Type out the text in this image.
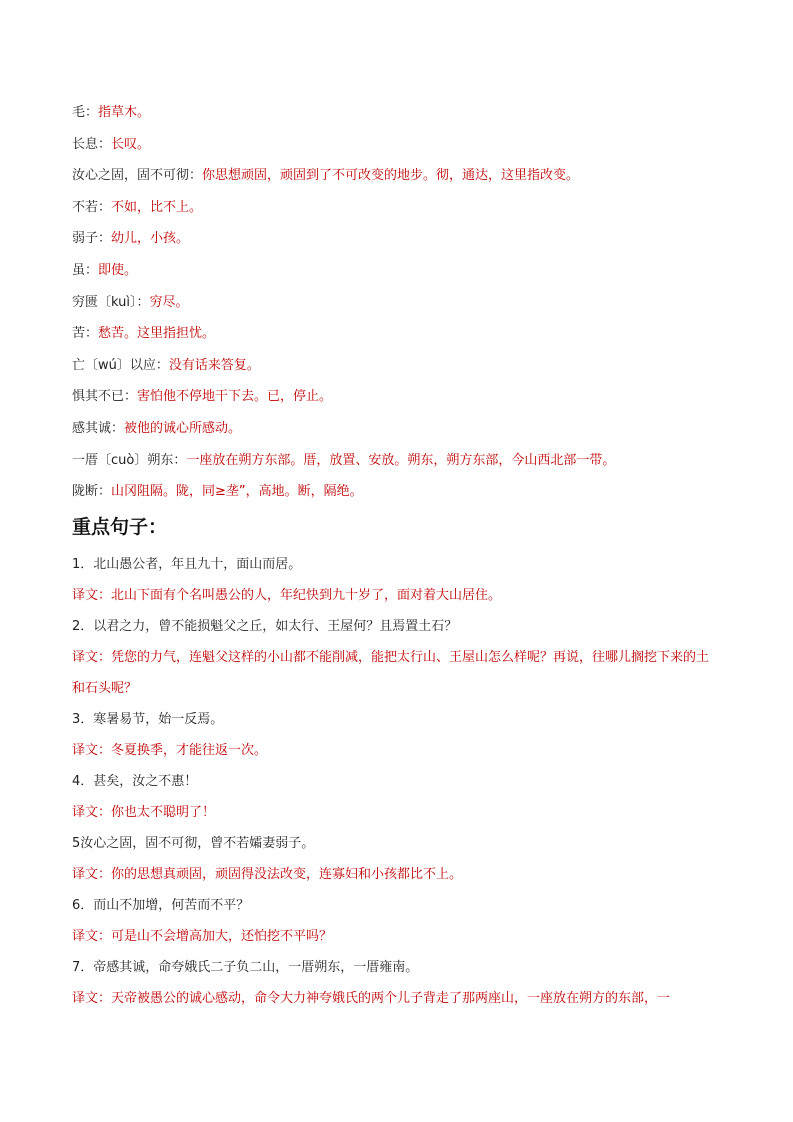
毛：指草木。
长息：长叹。
汝心之固，固不可彻：你思想顽固，顽固到了不可改变的地步。彻，通达，这里指改变。
不若：不如，比不上。
弱子：幼儿，小孩。
虽：即使。
穷匮〔kuì〕：穷尽。
苦：愁苦。这里指担忧。
亡〔wú〕以应：没有话来答复。
惧其不已：害怕他不停地干下去。已，停止。
感其诚：被他的诚心所感动。
一厝〔cuò〕朔东：一座放在朔方东部。厝，放置、安放。朔东，朔方东部，今山西北部一带。
陇断：山冈阻隔。陇，同≥垄”，高地。断，隔绝。
重点句子：

1．北山愚公者，年且九十，面山而居。

译文：北山下面有个名叫愚公的人，年纪快到九十岁了，面对着大山居住。

2．以君之力，曾不能损魁父之丘，如太行、王屋何？且焉置土石？

译文：凭您的力气，连魁父这样的小山都不能削减，能把太行山、王屋山怎么样呢？再说，往哪儿搁挖下来的土和石头呢？

3．寒暑易节，始一反焉。

译文：冬夏换季，才能往返一次。

4．甚矣，汝之不惠！

译文：你也太不聪明了！

5汝心之固，固不可彻，曾不若孀妻弱子。

译文：你的思想真顽固，顽固得没法改变，连寡妇和小孩都比不上。

6．而山不加增，何苦而不平？

译文：可是山不会增高加大，还怕挖不平吗？

7．帝感其诚，命夸娥氏二子负二山，一厝朔东，一厝雍南。

译文：天帝被愚公的诚心感动，命令大力神夸娥氏的两个儿子背走了那两座山，一座放在朔方的东部，一
